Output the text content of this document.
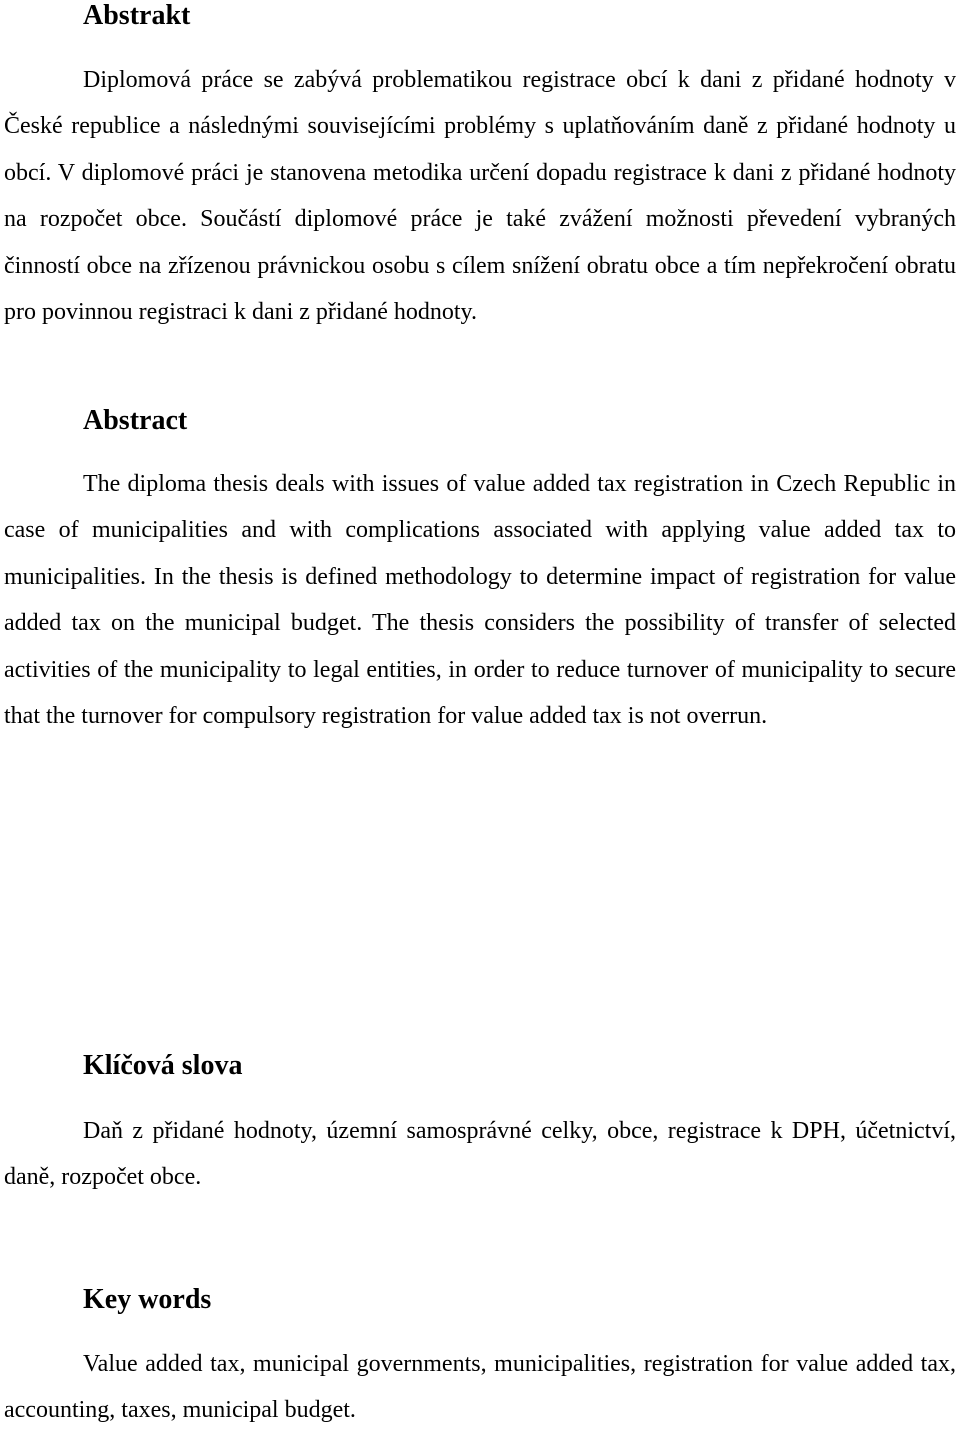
Abstrakt

Diplomová práce se zabývá problematikou registrace obcí k dani z přidané hodnoty v České republice a následnými souvisejícími problémy s uplatňováním daně z přidané hodnoty u obcí. V diplomové práci je stanovena metodika určení dopadu registrace k dani z přidané hodnoty na rozpočet obce. Součástí diplomové práce je také zvážení možnosti převedení vybraných činností obce na zřízenou právnickou osobu s cílem snížení obratu obce a tím nepřekročení obratu pro povinnou registraci k dani z přidané hodnoty.

Abstract

The diploma thesis deals with issues of value added tax registration in Czech Republic in case of municipalities and with complications associated with applying value added tax to municipalities. In the thesis is defined methodology to determine impact of registration for value added tax on the municipal budget. The thesis considers the possibility of transfer of selected activities of the municipality to legal entities, in order to reduce turnover of municipality to secure that the turnover for compulsory registration for value added tax is not overrun.

Klíčová slova

Daň z přidané hodnoty, územní samosprávné celky, obce, registrace k DPH, účetnictví, daně, rozpočet obce.

Key words

Value added tax, municipal governments, municipalities, registration for value added tax, accounting, taxes, municipal budget.
